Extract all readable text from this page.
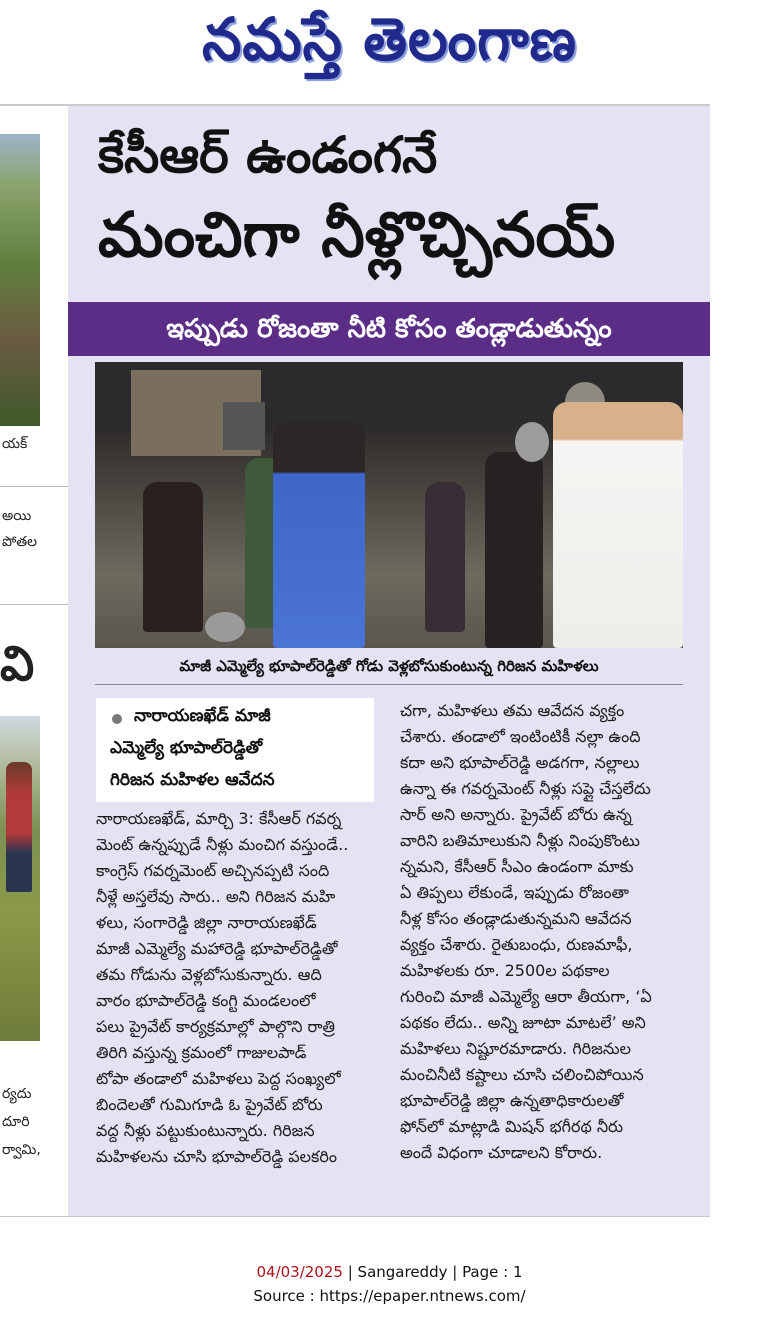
నమస్తే తెలంగాణ
యక్
అయి
పోతల
వి
ర్యదు
దూరి
ర్వామి,
కేసీఆర్ ఉండంగనే
మంచిగా నీళ్లొచ్చినయ్
ఇప్పుడు రోజంతా నీటి కోసం తండ్లాడుతున్నం
మాజీ ఎమ్మెల్యే భూపాల్‌రెడ్డితో గోడు వెళ్లబోసుకుంటున్న గిరిజన మహిళలు
నారాయణఖేడ్ మాజీ
ఎమ్మెల్యే భూపాల్‌రెడ్డితో
గిరిజన మహిళల ఆవేదన
నారాయణఖేడ్, మార్చి 3: కేసీఆర్ గవర్న
మెంట్ ఉన్నప్పుడే నీళ్లు మంచిగ వస్తుండే..
కాంగ్రెస్ గవర్నమెంట్ అచ్చినప్పటి సంది
నీళ్లే అస్తలేవు సారు.. అని గిరిజన మహి
ళలు, సంగారెడ్డి జిల్లా నారాయణఖేడ్
మాజీ ఎమ్మెల్యే మహారెడ్డి భూపాల్‌రెడ్డితో
తమ గోడును వెళ్లబోసుకున్నారు. ఆది
వారం భూపాల్‌రెడ్డి కంగ్టి మండలంలో
పలు ప్రైవేట్ కార్యక్రమాల్లో పాల్గొని రాత్రి
తిరిగి వస్తున్న క్రమంలో గాజులపాడ్
టోపా తండాలో మహిళలు పెద్ద సంఖ్యలో
బిందెలతో గుమిగూడి ఓ ప్రైవేట్ బోరు
వద్ద నీళ్లు పట్టుకుంటున్నారు. గిరిజన
మహిళలను చూసి భూపాల్‌రెడ్డి పలకరిం
చగా, మహిళలు తమ ఆవేదన వ్యక్తం
చేశారు. తండాలో ఇంటింటికీ నల్లా ఉంది
కదా అని భూపాల్‌రెడ్డి అడగగా, నల్లాలు
ఉన్నా ఈ గవర్నమెంట్ నీళ్లు సప్లై చేస్తలేదు
సార్ అని అన్నారు. ప్రైవేట్ బోరు ఉన్న
వారిని బతిమాలుకుని నీళ్లు నింపుకొంటు
న్నమని, కేసీఆర్ సీఎం ఉండంగా మాకు
ఏ తిప్పలు లేకుండే, ఇప్పుడు రోజంతా
నీళ్ల కోసం తండ్లాడుతున్నమని ఆవేదన
వ్యక్తం చేశారు. రైతుబంధు, రుణమాఫీ,
మహిళలకు రూ. 2500ల పథకాల
గురించి మాజీ ఎమ్మెల్యే ఆరా తీయగా, ‘ఏ
పథకం లేదు.. అన్ని జూటా మాటలే’ అని
మహిళలు నిష్టూరమాడారు. గిరిజనుల
మంచినీటి కష్టాలు చూసి చలించిపోయిన
భూపాల్‌రెడ్డి జిల్లా ఉన్నతాధికారులతో
ఫోన్‌లో మాట్లాడి మిషన్ భగీరథ నీరు
అందే విధంగా చూడాలని కోరారు.
04/03/2025 | Sangareddy | Page : 1
Source : https://epaper.ntnews.com/
